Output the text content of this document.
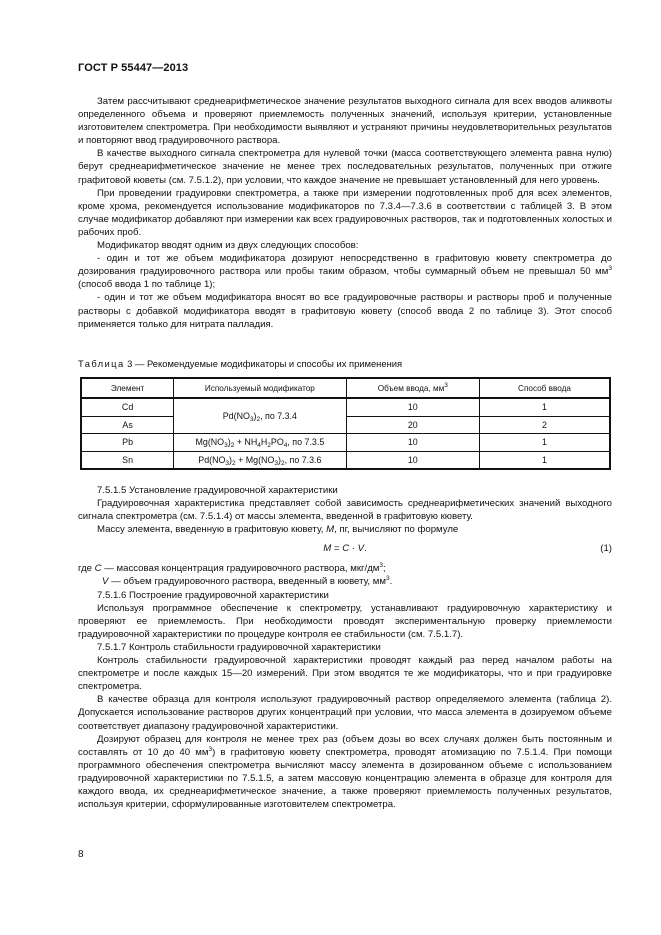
ГОСТ Р 55447—2013

Затем рассчитывают среднеарифметическое значение результатов выходного сигнала для всех вводов аликвоты определенного объема и проверяют приемлемость полученных значений, используя критерии, установленные изготовителем спектрометра. При необходимости выявляют и устраняют причины неудовлетворительных результатов и повторяют ввод градуировочного раствора.

В качестве выходного сигнала спектрометра для нулевой точки (масса соответствующего элемента равна нулю) берут среднеарифметическое значение не менее трех последовательных результатов, полученных при отжиге графитовой кюветы (см. 7.5.1.2), при условии, что каждое значение не превышает установленный для него уровень.

При проведении градуировки спектрометра, а также при измерении подготовленных проб для всех элементов, кроме хрома, рекомендуется использование модификаторов по 7.3.4—7.3.6 в соответствии с таблицей 3. В этом случае модификатор добавляют при измерении как всех градуировочных растворов, так и подготовленных холостых и рабочих проб.

Модификатор вводят одним из двух следующих способов:

- один и тот же объем модификатора дозируют непосредственно в графитовую кювету спектрометра до дозирования градуировочного раствора или пробы таким образом, чтобы суммарный объем не превышал 50 $мм^3$ (способ ввода 1 по таблице 1);

- один и тот же объем модификатора вносят во все градуировочные растворы и растворы проб и полученные растворы с добавкой модификатора вводят в графитовую кювету (способ ввода 2 по таблице 3). Этот способ применяется только для нитрата палладия.

Таблица 3 — Рекомендуемые модификаторы и способы их применения
Элемент	Используемый модификатор	Объем ввода, $мм^3$	Способ ввода
Cd	$Pd(NO_3)_2$, по 7.3.4	10	1
As		20	2
Pb	$Mg(NO_3)_2 + NH_4H_2PO_4$, по 7.3.5	10	1
Sn	$Pd(NO_3)_2 + Mg(NO_3)_2$, по 7.3.6	10	1

7.5.1.5 Установление градуировочной характеристики

Градуировочная характеристика представляет собой зависимость среднеарифметических значений выходного сигнала спектрометра (см. 7.5.1.4) от массы элемента, введенной в графитовую кювету.

Массу элемента, введенную в графитовую кювету, M, пг, вычисляют по формуле

M = C · V.	(1)

где C — массовая концентрация градуировочного раствора, мкг/$дм^3$;

V — объем градуировочного раствора, введенный в кювету, $мм^3$.

7.5.1.6 Построение градуировочной характеристики

Используя программное обеспечение к спектрометру, устанавливают градуировочную характеристику и проверяют ее приемлемость. При необходимости проводят экспериментальную проверку приемлемости градуировочной характеристики по процедуре контроля ее стабильности (см. 7.5.1.7).

7.5.1.7 Контроль стабильности градуировочной характеристики

Контроль стабильности градуировочной характеристики проводят каждый раз перед началом работы на спектрометре и после каждых 15—20 измерений. При этом вводятся те же модификаторы, что и при градуировке спектрометра.

В качестве образца для контроля используют градуировочный раствор определяемого элемента (таблица 2). Допускается использование растворов других концентраций при условии, что масса элемента в дозируемом объеме соответствует диапазону градуировочной характеристики.

Дозируют образец для контроля не менее трех раз (объем дозы во всех случаях должен быть постоянным и составлять от 10 до 40 $мм^3$) в графитовую кювету спектрометра, проводят атомизацию по 7.5.1.4. При помощи программного обеспечения спектрометра вычисляют массу элемента в дозированном объеме с использованием градуировочной характеристики по 7.5.1.5, а затем массовую концентрацию элемента в образце для контроля для каждого ввода, их среднеарифметическое значение, а также проверяют приемлемость полученных результатов, используя критерии, сформулированные изготовителем спектрометра.

8
